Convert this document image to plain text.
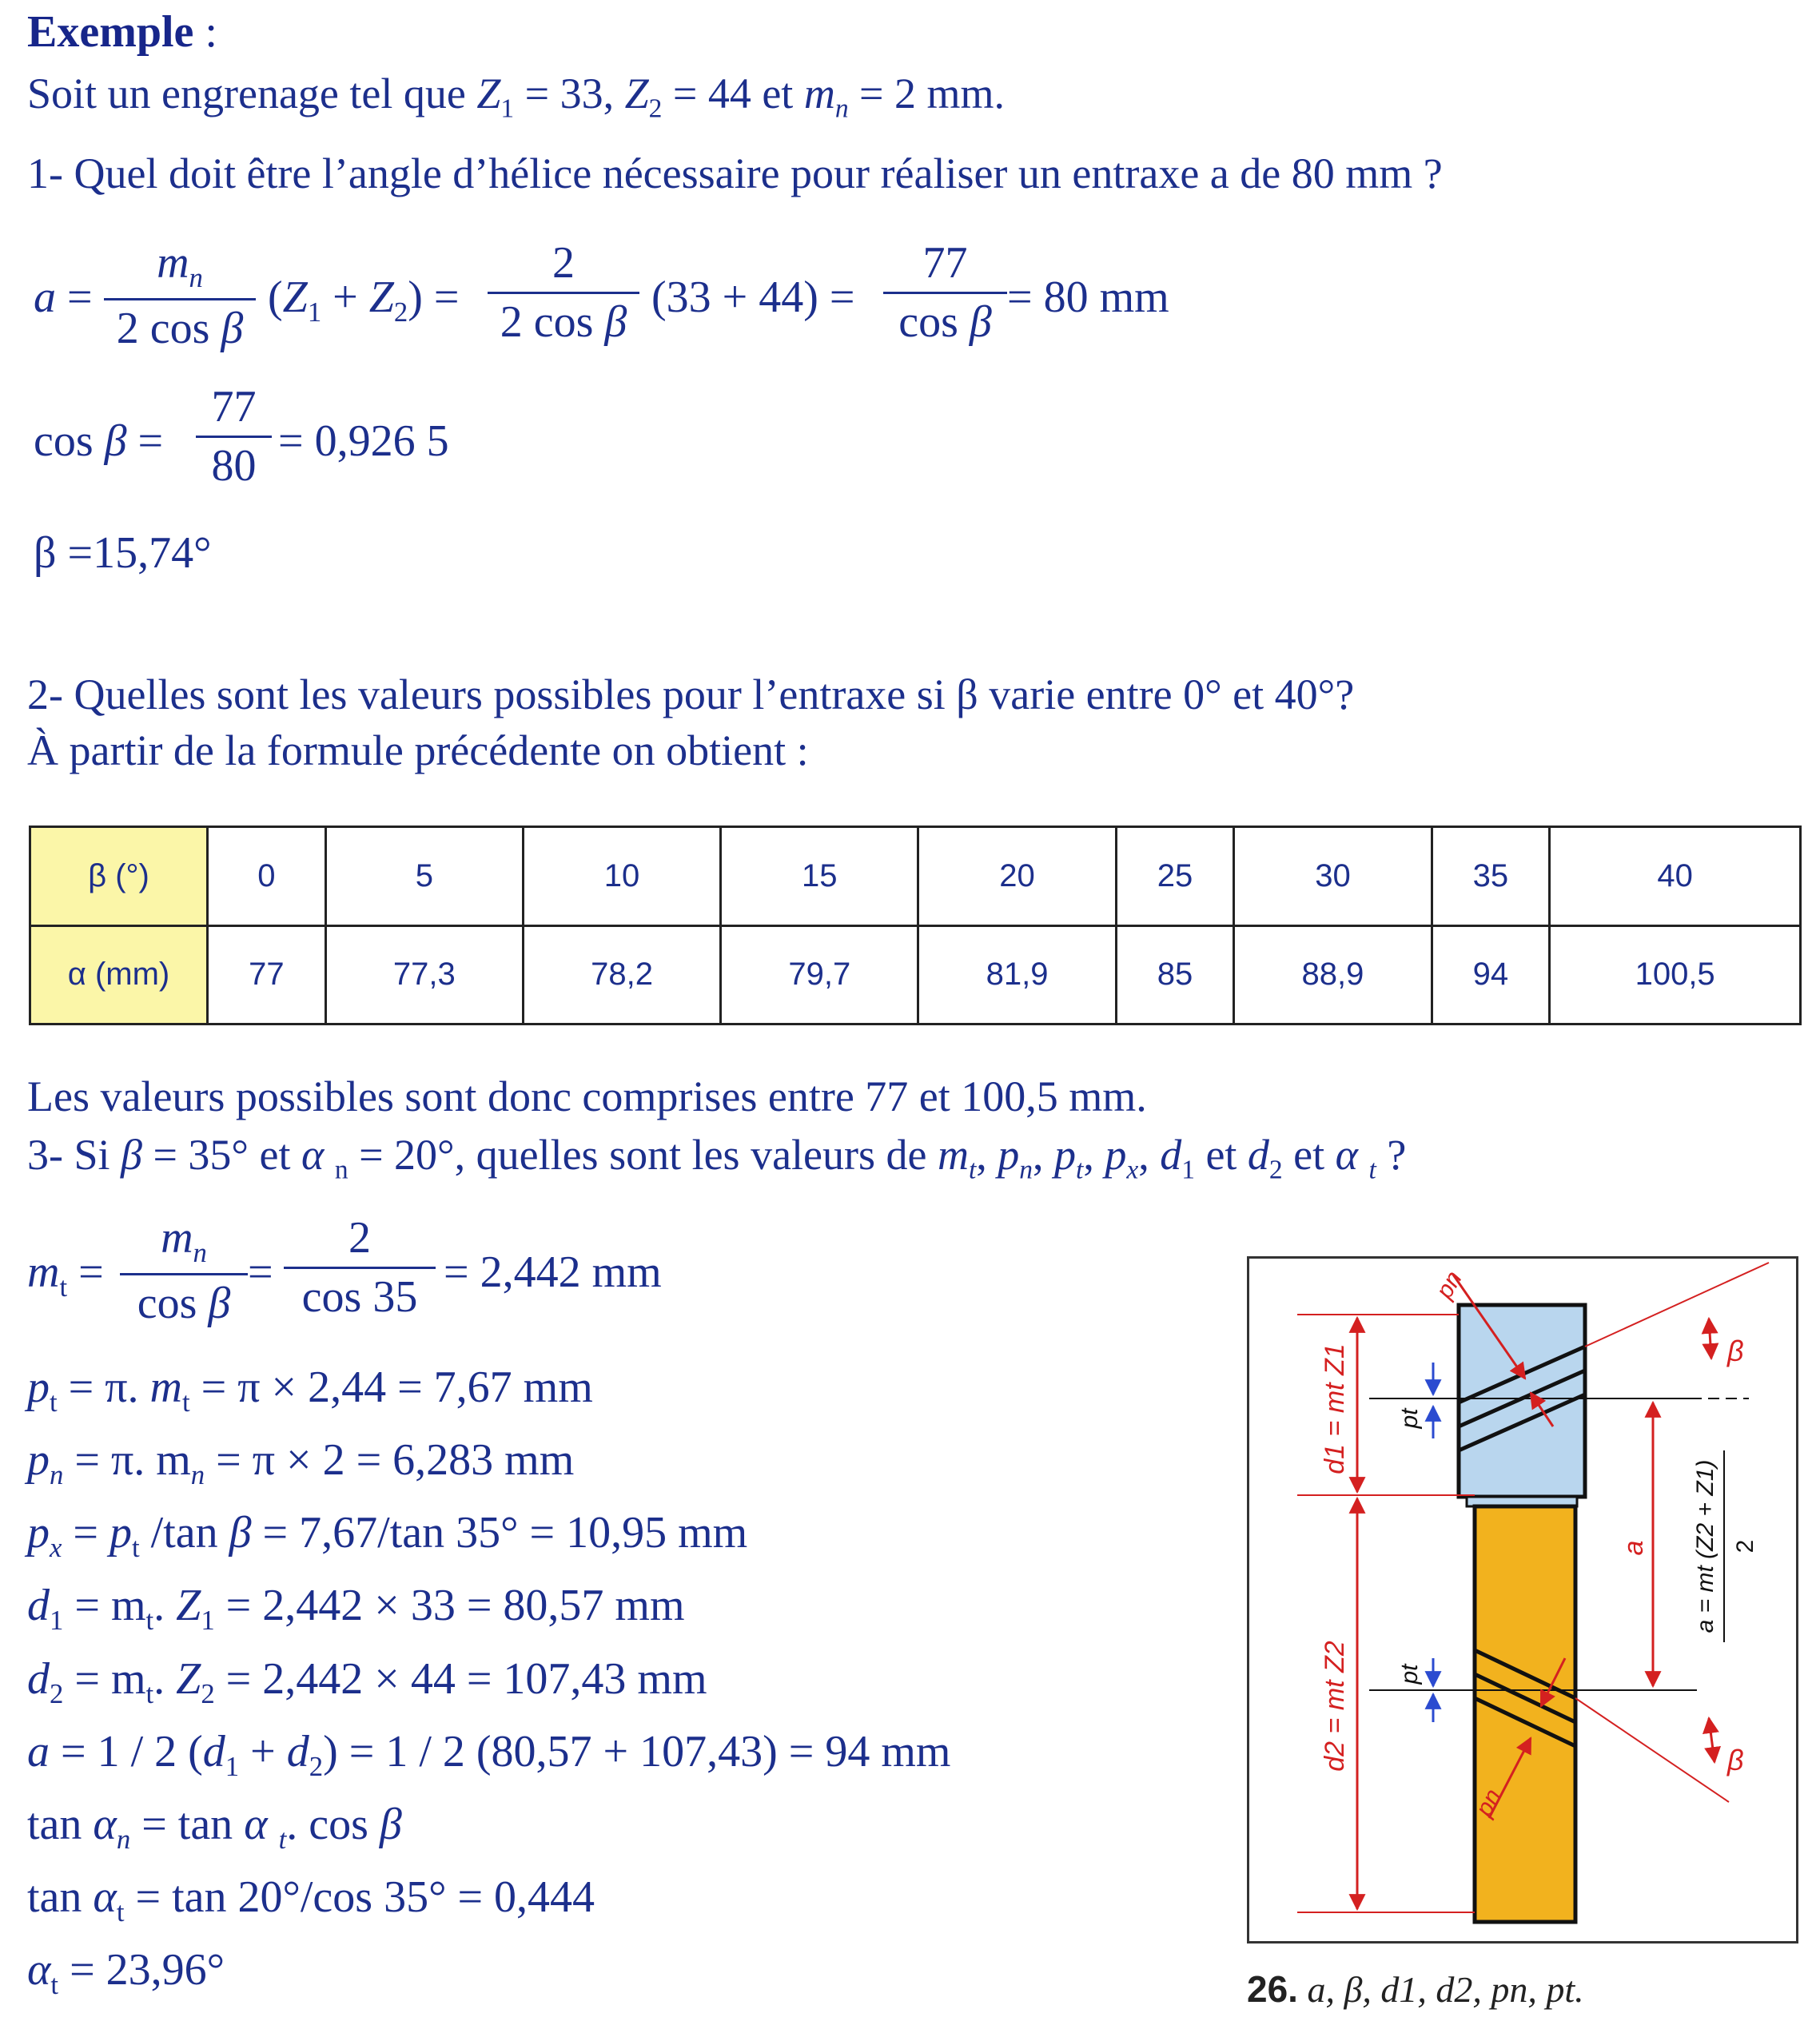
Exemple :
Soit un engrenage tel que $Z_1 = 33$, $Z_2 = 44$ et $m_n = 2$ mm.
1- Quel doit être l’angle d’hélice nécessaire pour réaliser un entraxe a de 80 mm ?
a =
$m_n$
2 cos β
$(Z_1 + Z_2)$ =
2
2 cos β (33 + 44) =
77
cos β = 80 mm
cos β =
77
80 = 0,926 5
β =15,74°
2- Quelles sont les valeurs possibles pour l’entraxe si β varie entre 0° et 40°?
À partir de la formule précédente on obtient :
β (°)	0	5	10	15	20	25	30	35	40
α (mm)	77	77,3	78,2	79,7	81,9	85	88,9	94	100,5
Les valeurs possibles sont donc comprises entre 77 et 100,5 mm.
3- Si β = 35° et α $_n$ = 20°, quelles sont les valeurs de $m_t$, $p_n$, $p_t$, $p_x$, $d_1$ et $d_2$ et α $_t$ ?
$m_t$ =
$m_n$
cos β
=
2
cos 35 = 2,442 mm
$p_t = \pi$. $m_t = \pi \times 2,44 = 7,67$ mm
$p_n = \pi$. $m_n = \pi \times 2 = 6,283$ mm
$p_x = p_t$ /tan β = 7,67/tan 35° = 10,95 mm
$d_1 = m_t$. $Z_1 = 2,442 \times 33 = 80,57$ mm
$d_2 = m_t$. $Z_2 = 2,442 \times 44 = 107,43$ mm
a = 1 / 2 $(d_1 + d_2) = 1 / 2$ (80,57 + 107,43) = 94 mm
$\tan \alpha_n = \tan \alpha$ $_t$. cos β
$\tan \alpha_t = \tan 20^\circ/\cos$ 35° = 0,444
$\alpha_t = 23,96^\circ$
d1 = mt Z1
d2 = mt Z2
pt
pt
pn
pn
a a = mt (Z2 + Z1) 2
β
β
26. a, β, d1, d2, pn, pt.
